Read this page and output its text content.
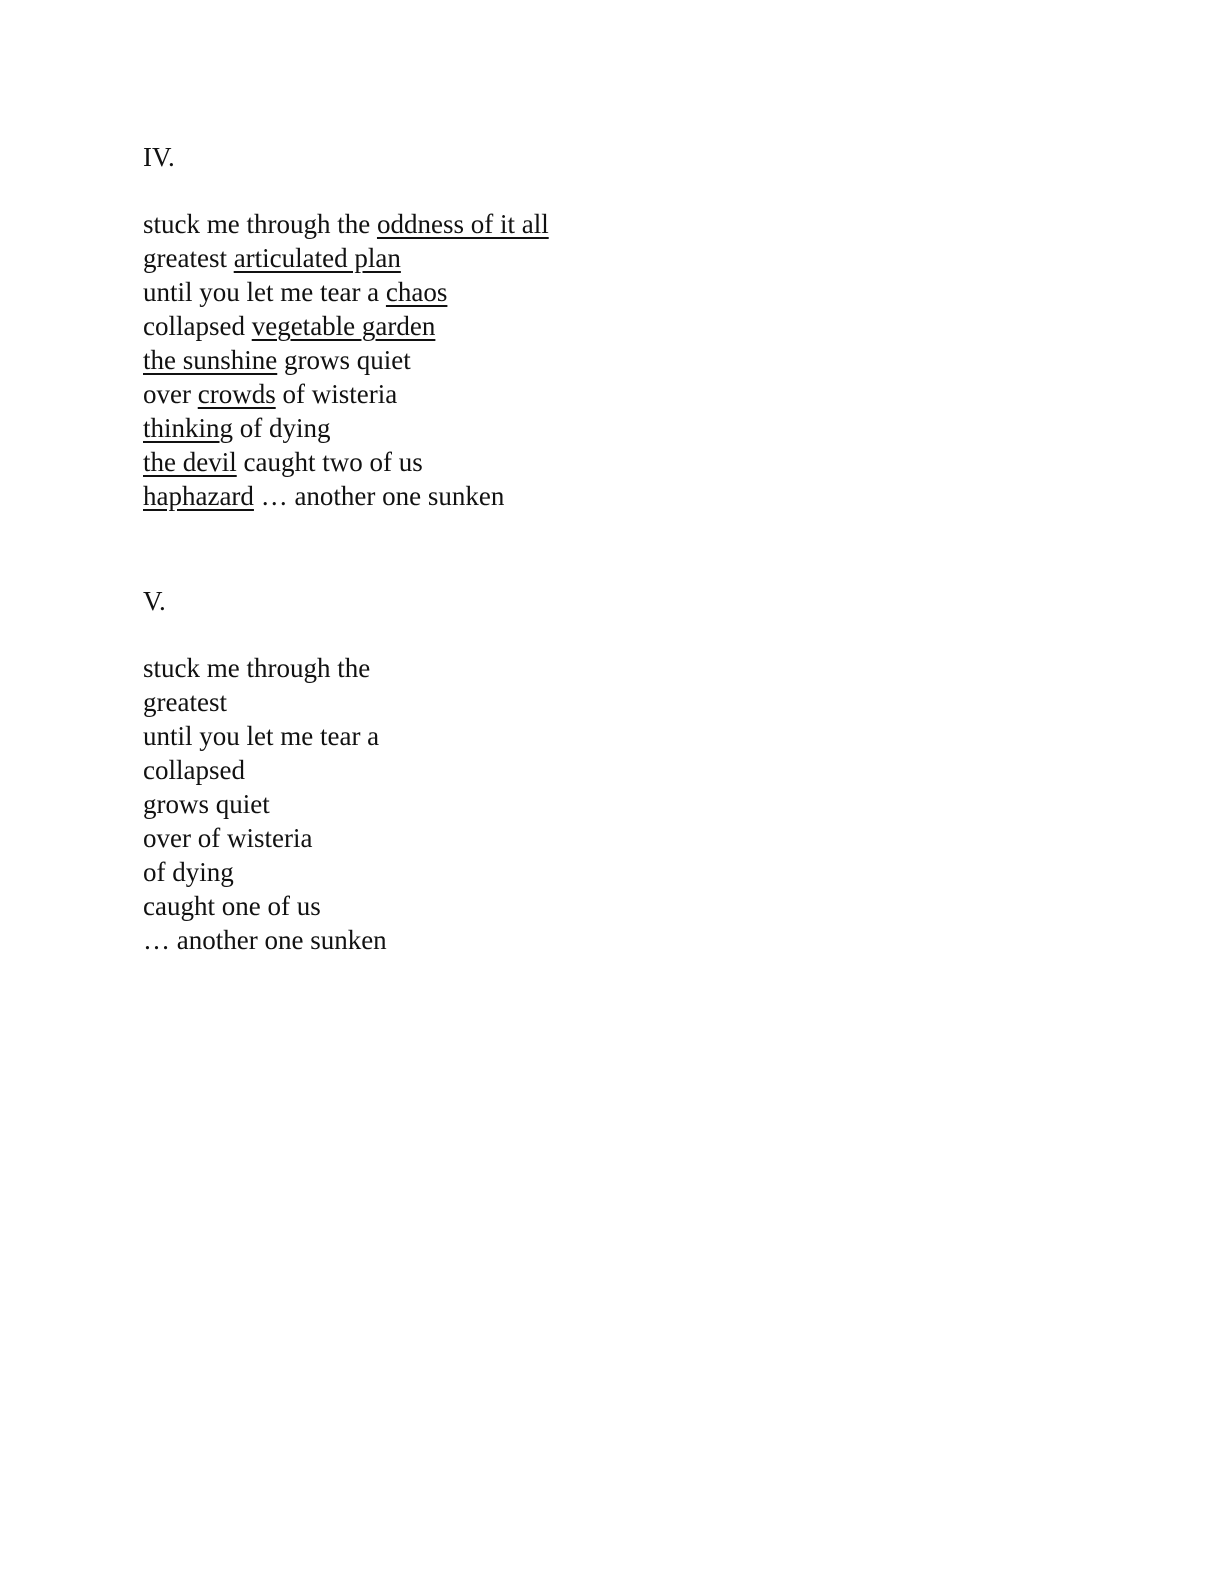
IV.
stuck me through the oddness of it all
greatest articulated plan
until you let me tear a chaos
collapsed vegetable garden
the sunshine grows quiet
over crowds of wisteria
thinking of dying
the devil caught two of us
haphazard … another one sunken
V.
stuck me through the
greatest
until you let me tear a
collapsed
grows quiet
over of wisteria
of dying
caught one of us
… another one sunken
